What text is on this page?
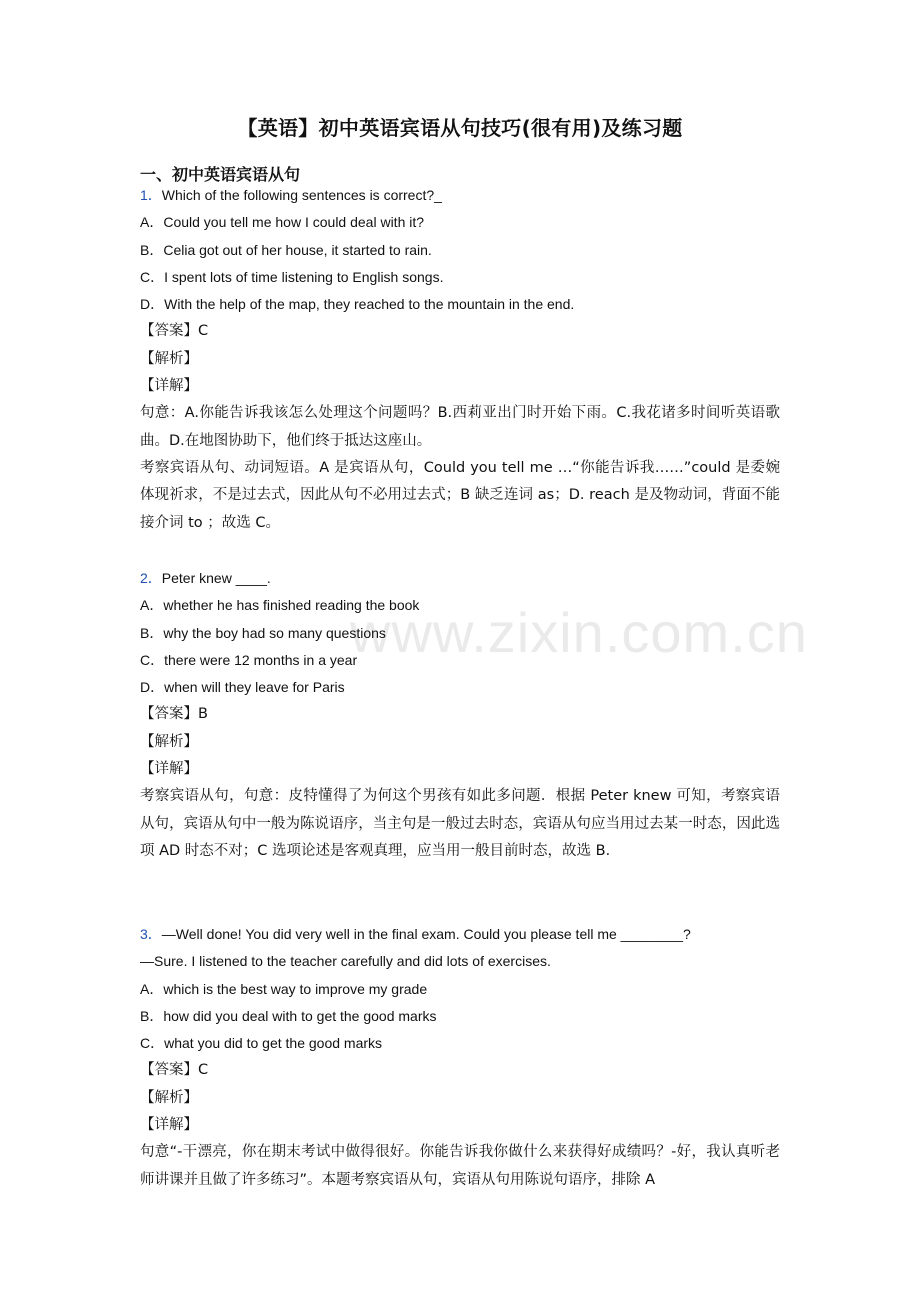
www.zixin.com.cn
【英语】初中英语宾语从句技巧(很有用)及练习题
一、初中英语宾语从句
1．Which of the following sentences is correct?_
A．Could you tell me how I could deal with it?
B．Celia got out of her house, it started to rain.
C．I spent lots of time listening to English songs.
D．With the help of the map, they reached to the mountain in the end.
【答案】C
【解析】
【详解】

句意：A.你能告诉我该怎么处理这个问题吗？B.西莉亚出门时开始下雨。C.我花诸多时间听英语歌曲。D.在地图协助下，他们终于抵达这座山。

考察宾语从句、动词短语。A 是宾语从句，Could you tell me …“你能告诉我……”could 是委婉体现祈求，不是过去式，因此从句不必用过去式；B 缺乏连词 as；D. reach 是及物动词，背面不能接介词 to ；故选 C。

2．Peter knew ____.
A．whether he has finished reading the book
B．why the boy had so many questions
C．there were 12 months in a year
D．when will they leave for Paris
【答案】B
【解析】
【详解】

考察宾语从句，句意：皮特懂得了为何这个男孩有如此多问题．根据 Peter knew 可知，考察宾语从句，宾语从句中一般为陈说语序，当主句是一般过去时态，宾语从句应当用过去某一时态，因此选项 AD 时态不对；C 选项论述是客观真理，应当用一般目前时态，故选 B．

3．—Well done! You did very well in the final exam. Could you please tell me ________?
—Sure. I listened to the teacher carefully and did lots of exercises.
A．which is the best way to improve my grade
B．how did you deal with to get the good marks
C．what you did to get the good marks
【答案】C
【解析】
【详解】

句意“-干漂亮，你在期末考试中做得很好。你能告诉我你做什么来获得好成绩吗？-好，我认真听老师讲课并且做了许多练习”。本题考察宾语从句，宾语从句用陈说句语序，排除 A
